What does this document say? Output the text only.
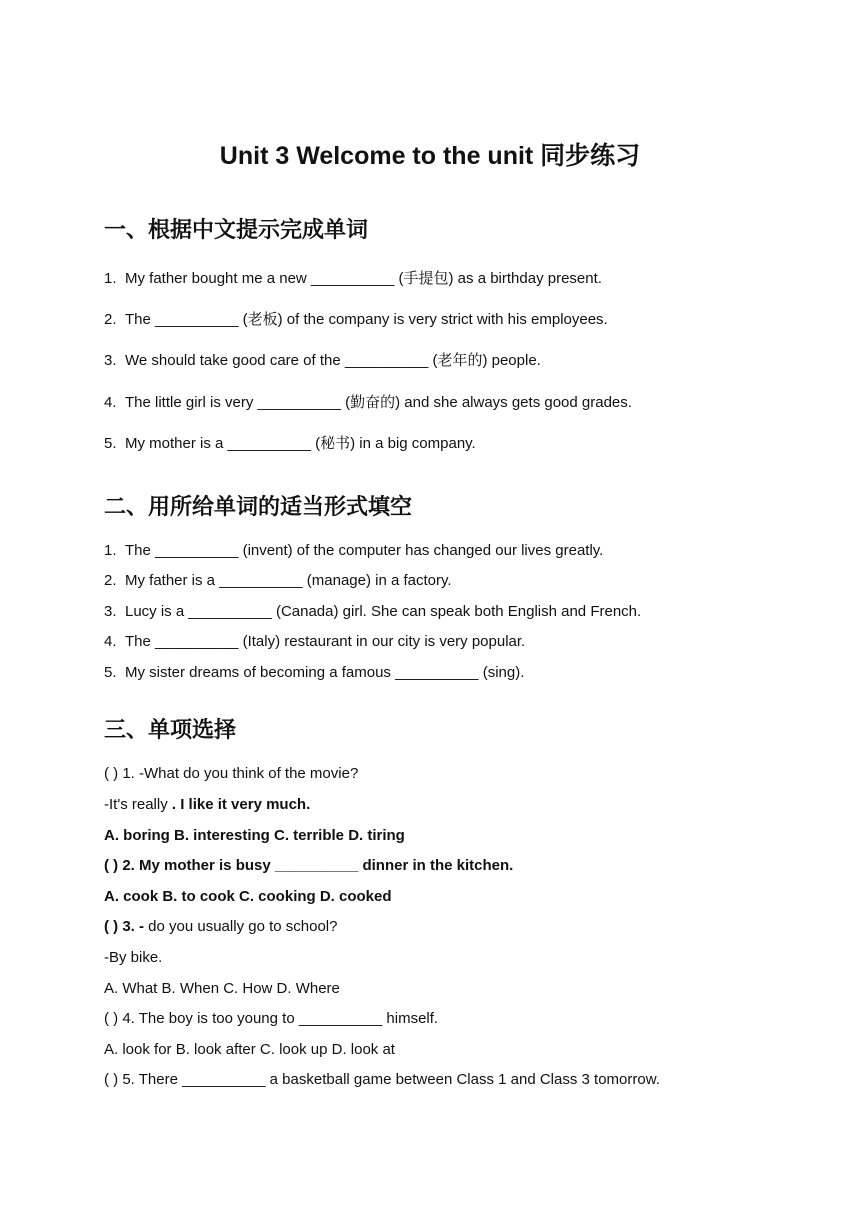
Unit 3 Welcome to the unit 同步练习
一、根据中文提示完成单词
1. My father bought me a new __________ (手提包) as a birthday present.
2. The __________ (老板) of the company is very strict with his employees.
3. We should take good care of the __________ (老年的) people.
4. The little girl is very __________ (勤奋的) and she always gets good grades.
5. My mother is a __________ (秘书) in a big company.
二、用所给单词的适当形式填空
1. The __________ (invent) of the computer has changed our lives greatly.
2. My father is a __________ (manage) in a factory.
3. Lucy is a __________ (Canada) girl. She can speak both English and French.
4. The __________ (Italy) restaurant in our city is very popular.
5. My sister dreams of becoming a famous __________ (sing).
三、单项选择
( ) 1. -What do you think of the movie?
-It's really . I like it very much.
A. boring B. interesting C. terrible D. tiring
( ) 2. My mother is busy __________ dinner in the kitchen.
A. cook B. to cook C. cooking D. cooked
( ) 3. - do you usually go to school?
-By bike.
A. What B. When C. How D. Where
( ) 4. The boy is too young to __________ himself.
A. look for B. look after C. look up D. look at
( ) 5. There __________ a basketball game between Class 1 and Class 3 tomorrow.
